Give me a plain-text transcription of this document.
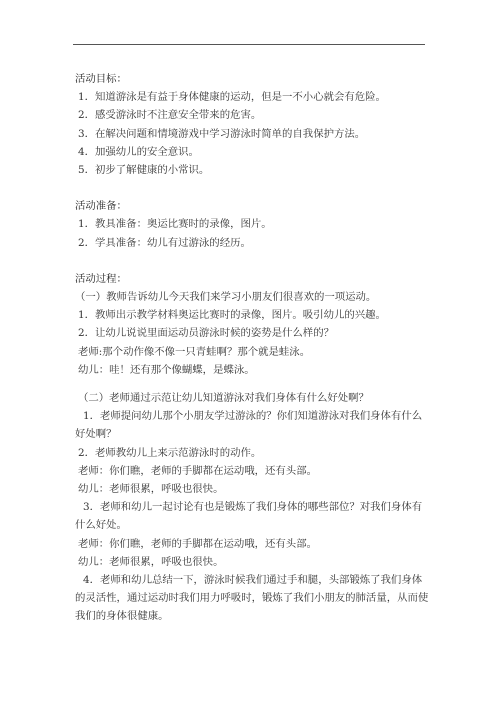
活动目标：

1．知道游泳是有益于身体健康的运动，但是一不小心就会有危险。

2．感受游泳时不注意安全带来的危害。

3．在解决问题和情境游戏中学习游泳时简单的自我保护方法。

4．加强幼儿的安全意识。

5．初步了解健康的小常识。

活动准备：

1．教具准备：奥运比赛时的录像，图片。

2．学具准备：幼儿有过游泳的经历。

活动过程：

（一）教师告诉幼儿今天我们来学习小朋友们很喜欢的一项运动。

1．教师出示教学材料奥运比赛时的录像，图片。吸引幼儿的兴趣。

2．让幼儿说说里面运动员游泳时候的姿势是什么样的？

老师:那个动作像不像一只青蛙啊？那个就是蛙泳。

幼儿：哇！还有那个像蝴蝶，是蝶泳。

（二）老师通过示范让幼儿知道游泳对我们身体有什么好处啊？

1．老师提问幼儿那个小朋友学过游泳的？你们知道游泳对我们身体有什么好处啊？

2．老师教幼儿上来示范游泳时的动作。

老师：你们瞧，老师的手脚都在运动哦，还有头部。

幼儿：老师很累，呼吸也很快。

3．老师和幼儿一起讨论有也是锻炼了我们身体的哪些部位？对我们身体有什么好处。

老师：你们瞧，老师的手脚都在运动哦，还有头部。

幼儿：老师很累，呼吸也很快。

4．老师和幼儿总结一下，游泳时候我们通过手和腿，头部锻炼了我们身体的灵活性，通过运动时我们用力呼吸时，锻炼了我们小朋友的肺活量，从而使我们的身体很健康。
